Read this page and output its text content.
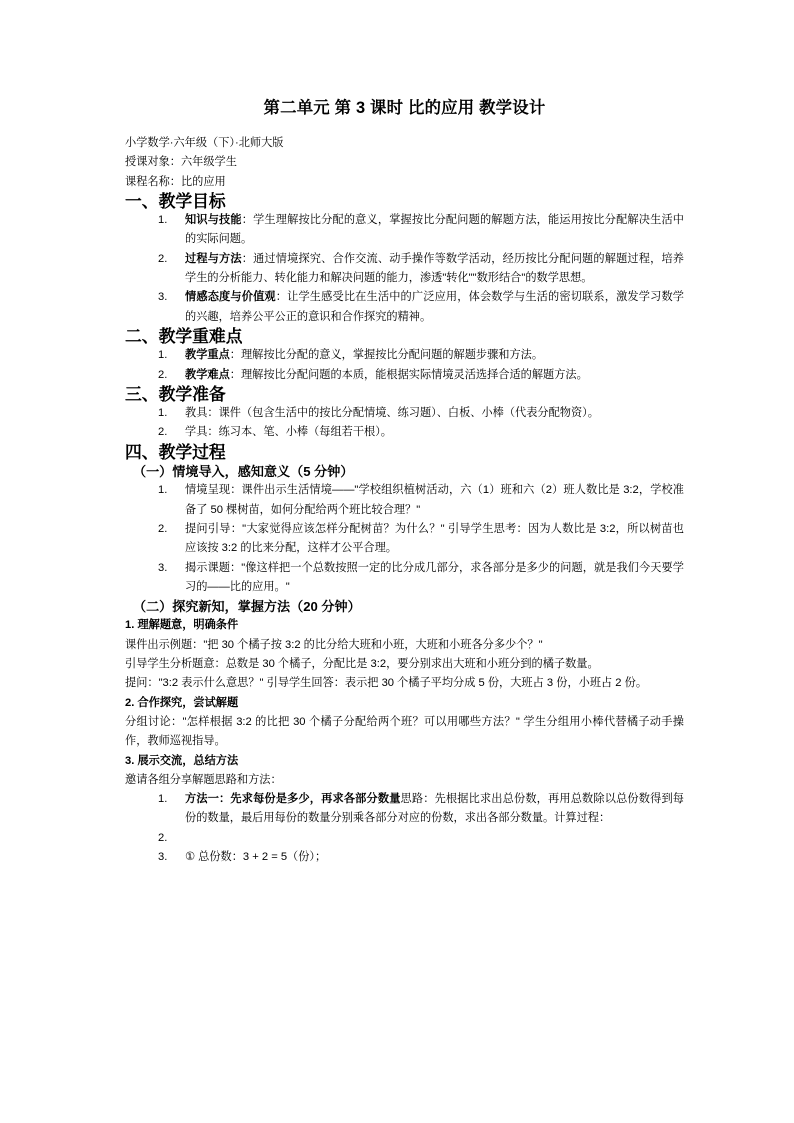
第二单元 第 3 课时 比的应用 教学设计

小学数学·六年级（下）·北师大版

授课对象：六年级学生

课程名称：比的应用

一、教学目标
知识与技能：学生理解按比分配的意义，掌握按比分配问题的解题方法，能运用按比分配解决生活中的实际问题。
过程与方法：通过情境探究、合作交流、动手操作等数学活动，经历按比分配问题的解题过程，培养学生的分析能力、转化能力和解决问题的能力，渗透"转化""数形结合"的数学思想。
情感态度与价值观：让学生感受比在生活中的广泛应用，体会数学与生活的密切联系，激发学习数学的兴趣，培养公平公正的意识和合作探究的精神。
二、教学重难点
教学重点：理解按比分配的意义，掌握按比分配问题的解题步骤和方法。
教学难点：理解按比分配问题的本质，能根据实际情境灵活选择合适的解题方法。
三、教学准备
教具：课件（包含生活中的按比分配情境、练习题）、白板、小棒（代表分配物资）。
学具：练习本、笔、小棒（每组若干根）。
四、教学过程
（一）情境导入，感知意义（5 分钟）
情境呈现：课件出示生活情境——"学校组织植树活动，六（1）班和六（2）班人数比是 3:2，学校准备了 50 棵树苗，如何分配给两个班比较合理？"
提问引导："大家觉得应该怎样分配树苗？为什么？" 引导学生思考：因为人数比是 3:2，所以树苗也应该按 3:2 的比来分配，这样才公平合理。
揭示课题："像这样把一个总数按照一定的比分成几部分，求各部分是多少的问题，就是我们今天要学习的——比的应用。"
（二）探究新知，掌握方法（20 分钟）
1. 理解题意，明确条件

课件出示例题："把 30 个橘子按 3:2 的比分给大班和小班，大班和小班各分多少个？"

引导学生分析题意：总数是 30 个橘子，分配比是 3:2，要分别求出大班和小班分到的橘子数量。

提问："3:2 表示什么意思？" 引导学生回答：表示把 30 个橘子平均分成 5 份，大班占 3 份，小班占 2 份。

2. 合作探究，尝试解题

分组讨论："怎样根据 3:2 的比把 30 个橘子分配给两个班？可以用哪些方法？" 学生分组用小棒代替橘子动手操作，教师巡视指导。

3. 展示交流，总结方法

邀请各组分享解题思路和方法：

方法一：先求每份是多少，再求各部分数量思路：先根据比求出总份数，再用总数除以总份数得到每份的数量，最后用每份的数量分别乘各部分对应的份数，求出各部分数量。计算过程：
① 总份数：3 + 2 = 5（份）；
